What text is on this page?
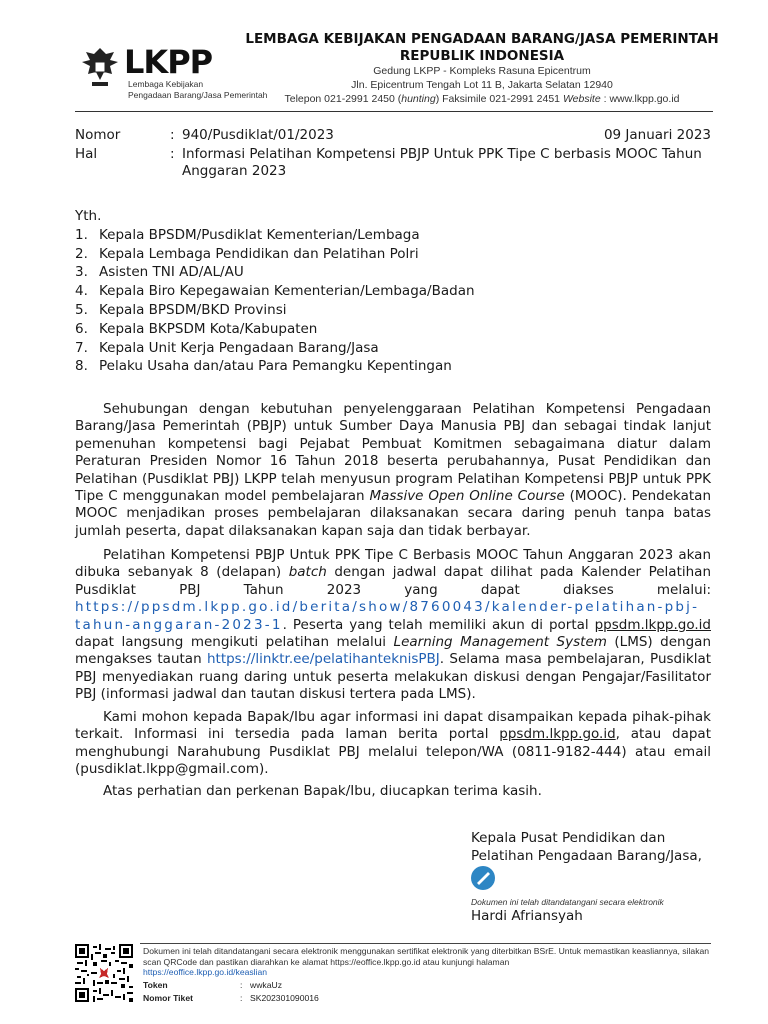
LKPP
Lembaga Kebijakan
Pengadaan Barang/Jasa Pemerintah
LEMBAGA KEBIJAKAN PENGADAAN BARANG/JASA PEMERINTAH
REPUBLIK INDONESIA
Gedung LKPP - Kompleks Rasuna Epicentrum
Jln. Epicentrum Tengah Lot 11 B, Jakarta Selatan 12940
Telepon 021-2991 2450 (hunting) Faksimile 021-2991 2451 Website : www.lkpp.go.id
Nomor	: 940/Pusdiklat/01/2023	09 Januari 2023
Hal	: Informasi Pelatihan Kompetensi PBJP Untuk PPK Tipe C berbasis MOOC Tahun Anggaran 2023
Yth.
1. Kepala BPSDM/Pusdiklat Kementerian/Lembaga
2. Kepala Lembaga Pendidikan dan Pelatihan Polri
3. Asisten TNI AD/AL/AU
4. Kepala Biro Kepegawaian Kementerian/Lembaga/Badan
5. Kepala BPSDM/BKD Provinsi
6. Kepala BKPSDM Kota/Kabupaten
7. Kepala Unit Kerja Pengadaan Barang/Jasa
8. Pelaku Usaha dan/atau Para Pemangku Kepentingan

Sehubungan dengan kebutuhan penyelenggaraan Pelatihan Kompetensi Pengadaan Barang/Jasa Pemerintah (PBJP) untuk Sumber Daya Manusia PBJ dan sebagai tindak lanjut pemenuhan kompetensi bagi Pejabat Pembuat Komitmen sebagaimana diatur dalam Peraturan Presiden Nomor 16 Tahun 2018 beserta perubahannya, Pusat Pendidikan dan Pelatihan (Pusdiklat PBJ) LKPP telah menyusun program Pelatihan Kompetensi PBJP untuk PPK Tipe C menggunakan model pembelajaran Massive Open Online Course (MOOC). Pendekatan MOOC menjadikan proses pembelajaran dilaksanakan secara daring penuh tanpa batas jumlah peserta, dapat dilaksanakan kapan saja dan tidak berbayar.

Pelatihan Kompetensi PBJP Untuk PPK Tipe C Berbasis MOOC Tahun Anggaran 2023 akan dibuka sebanyak 8 (delapan) batch dengan jadwal dapat dilihat pada Kalender Pelatihan Pusdiklat PBJ Tahun 2023 yang dapat diakses melalui: https://ppsdm.lkpp.go.id/berita/show/8760043/kalender-pelatihan-pbj-tahun-anggaran-2023-1. Peserta yang telah memiliki akun di portal ppsdm.lkpp.go.id dapat langsung mengikuti pelatihan melalui Learning Management System (LMS) dengan mengakses tautan https://linktr.ee/pelatihanteknisPBJ. Selama masa pembelajaran, Pusdiklat PBJ menyediakan ruang daring untuk peserta melakukan diskusi dengan Pengajar/Fasilitator PBJ (informasi jadwal dan tautan diskusi tertera pada LMS).

Kami mohon kepada Bapak/Ibu agar informasi ini dapat disampaikan kepada pihak-pihak terkait. Informasi ini tersedia pada laman berita portal ppsdm.lkpp.go.id, atau dapat menghubungi Narahubung Pusdiklat PBJ melalui telepon/WA (0811-9182-444) atau email (pusdiklat.lkpp@gmail.com).

Atas perhatian dan perkenan Bapak/Ibu, diucapkan terima kasih.

Kepala Pusat Pendidikan dan
Pelatihan Pengadaan Barang/Jasa,
Dokumen ini telah ditandatangani secara elektronik
Hardi Afriansyah
Dokumen ini telah ditandatangani secara elektronik menggunakan sertifikat elektronik yang diterbitkan BSrE. Untuk memastikan keasliannya, silakan scan QRCode dan pastikan diarahkan ke alamat https://eoffice.lkpp.go.id atau kunjungi halaman
https://eoffice.lkpp.go.id/keaslian
Token	: wwkaUz
Nomor Tiket	: SK202301090016
